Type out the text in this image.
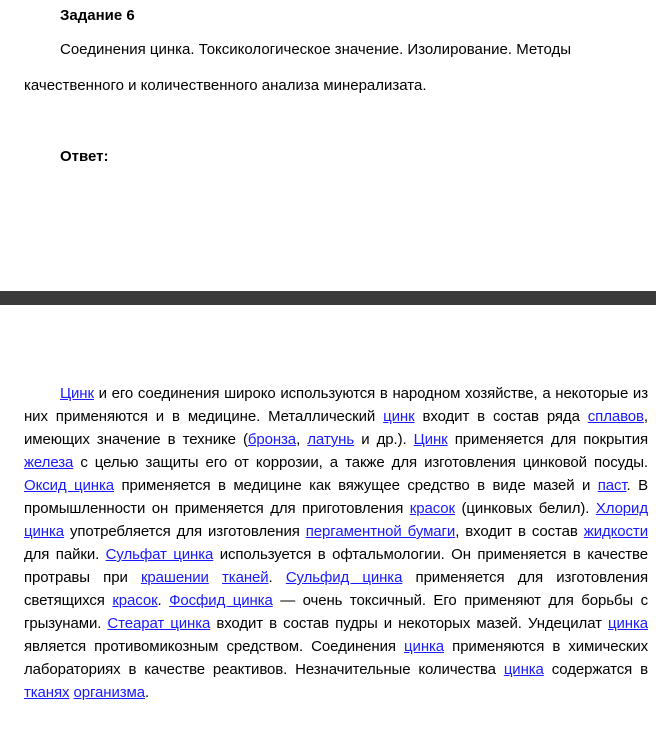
Задание 6
Соединения цинка. Токсикологическое значение. Изолирование. Методы
качественного и количественного анализа минерализата.
Ответ:

Цинк и его соединения широко используются в народном хозяйстве, а некоторые из них применяются и в медицине. Металлический цинк входит в состав ряда сплавов, имеющих значение в технике (бронза, латунь и др.). Цинк применяется для покрытия железа с целью защиты его от коррозии, а также для изготовления цинковой посуды. Оксид цинка применяется в медицине как вяжущее средство в виде мазей и паст. В промышленности он применяется для приготовления красок (цинковых белил). Хлорид цинка употребляется для изготовления пергаментной бумаги, входит в состав жидкости для пайки. Сульфат цинка используется в офтальмологии. Он применяется в качестве протравы при крашении тканей. Сульфид цинка применяется для изготовления светящихся красок. Фосфид цинка — очень токсичный. Его применяют для борьбы с грызунами. Стеарат цинка входит в состав пудры и некоторых мазей. Ундецилат цинка является противомикозным средством. Соединения цинка применяются в химических лабораториях в качестве реактивов. Незначительные количества цинка содержатся в тканях организма.
